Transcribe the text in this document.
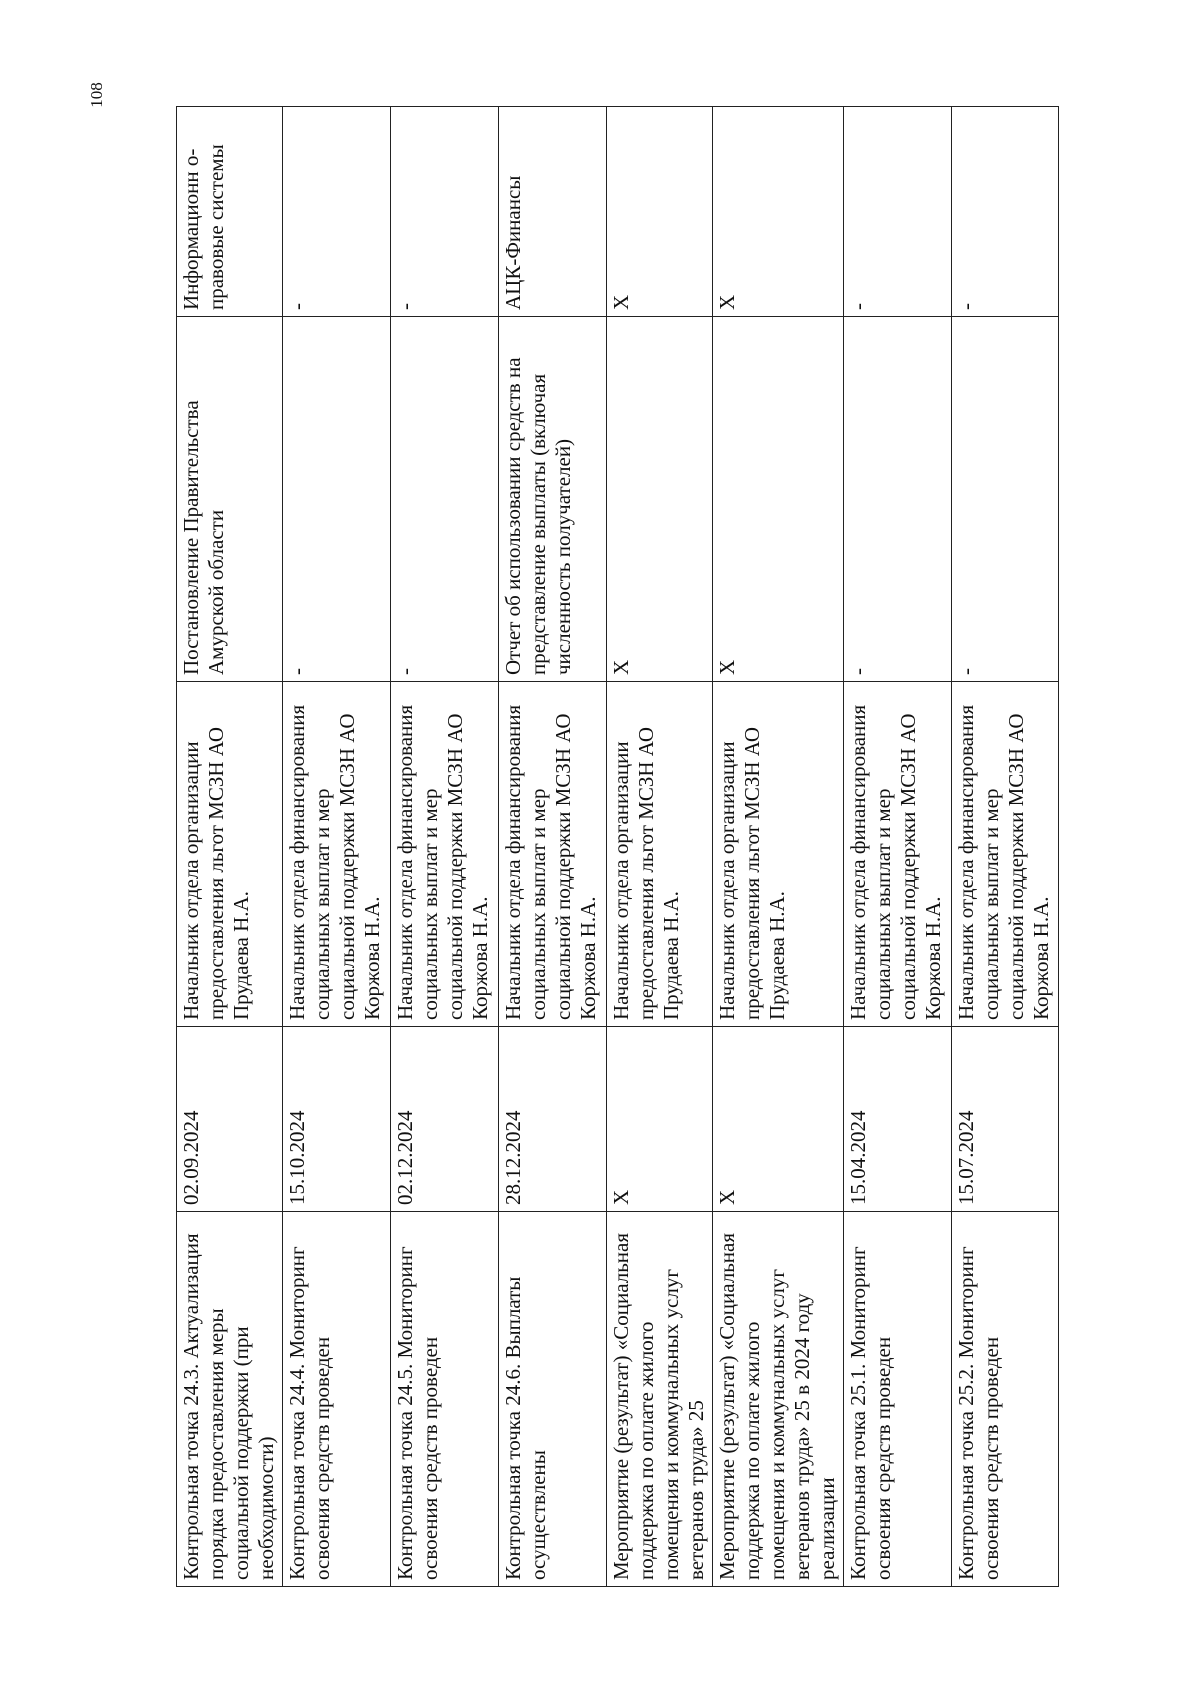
108
Контрольная точка 24.3. Актуализация порядка предоставления меры социальной поддержки (при необходимости)	02.09.2024	Начальник отдела организации предоставления льгот МСЗН АО Прудаева Н.А.	Постановление Правительства Амурской области	Информационн о-правовые системы
Контрольная точка 24.4. Мониторинг освоения средств проведен	15.10.2024	Начальник отдела финансирования социальных выплат и мер социальной поддержки МСЗН АО Коржова Н.А.	-	-
Контрольная точка 24.5. Мониторинг освоения средств проведен	02.12.2024	Начальник отдела финансирования социальных выплат и мер социальной поддержки МСЗН АО Коржова Н.А.	-	-
Контрольная точка 24.6. Выплаты осуществлены	28.12.2024	Начальник отдела финансирования социальных выплат и мер социальной поддержки МСЗН АО Коржова Н.А.	Отчет об использовании средств на представление выплаты (включая численность получателей)	АЦК-Финансы
Мероприятие (результат) «Социальная поддержка по оплате жилого помещения и коммунальных услуг ветеранов труда» 25	X	Начальник отдела организации предоставления льгот МСЗН АО Прудаева Н.А.	X	X
Мероприятие (результат) «Социальная поддержка по оплате жилого помещения и коммунальных услуг ветеранов труда» 25 в 2024 году реализации	X	Начальник отдела организации предоставления льгот МСЗН АО Прудаева Н.А.	X	X
Контрольная точка 25.1. Мониторинг освоения средств проведен	15.04.2024	Начальник отдела финансирования социальных выплат и мер социальной поддержки МСЗН АО Коржова Н.А.	-	-
Контрольная точка 25.2. Мониторинг освоения средств проведен	15.07.2024	Начальник отдела финансирования социальных выплат и мер социальной поддержки МСЗН АО Коржова Н.А.	-	-
